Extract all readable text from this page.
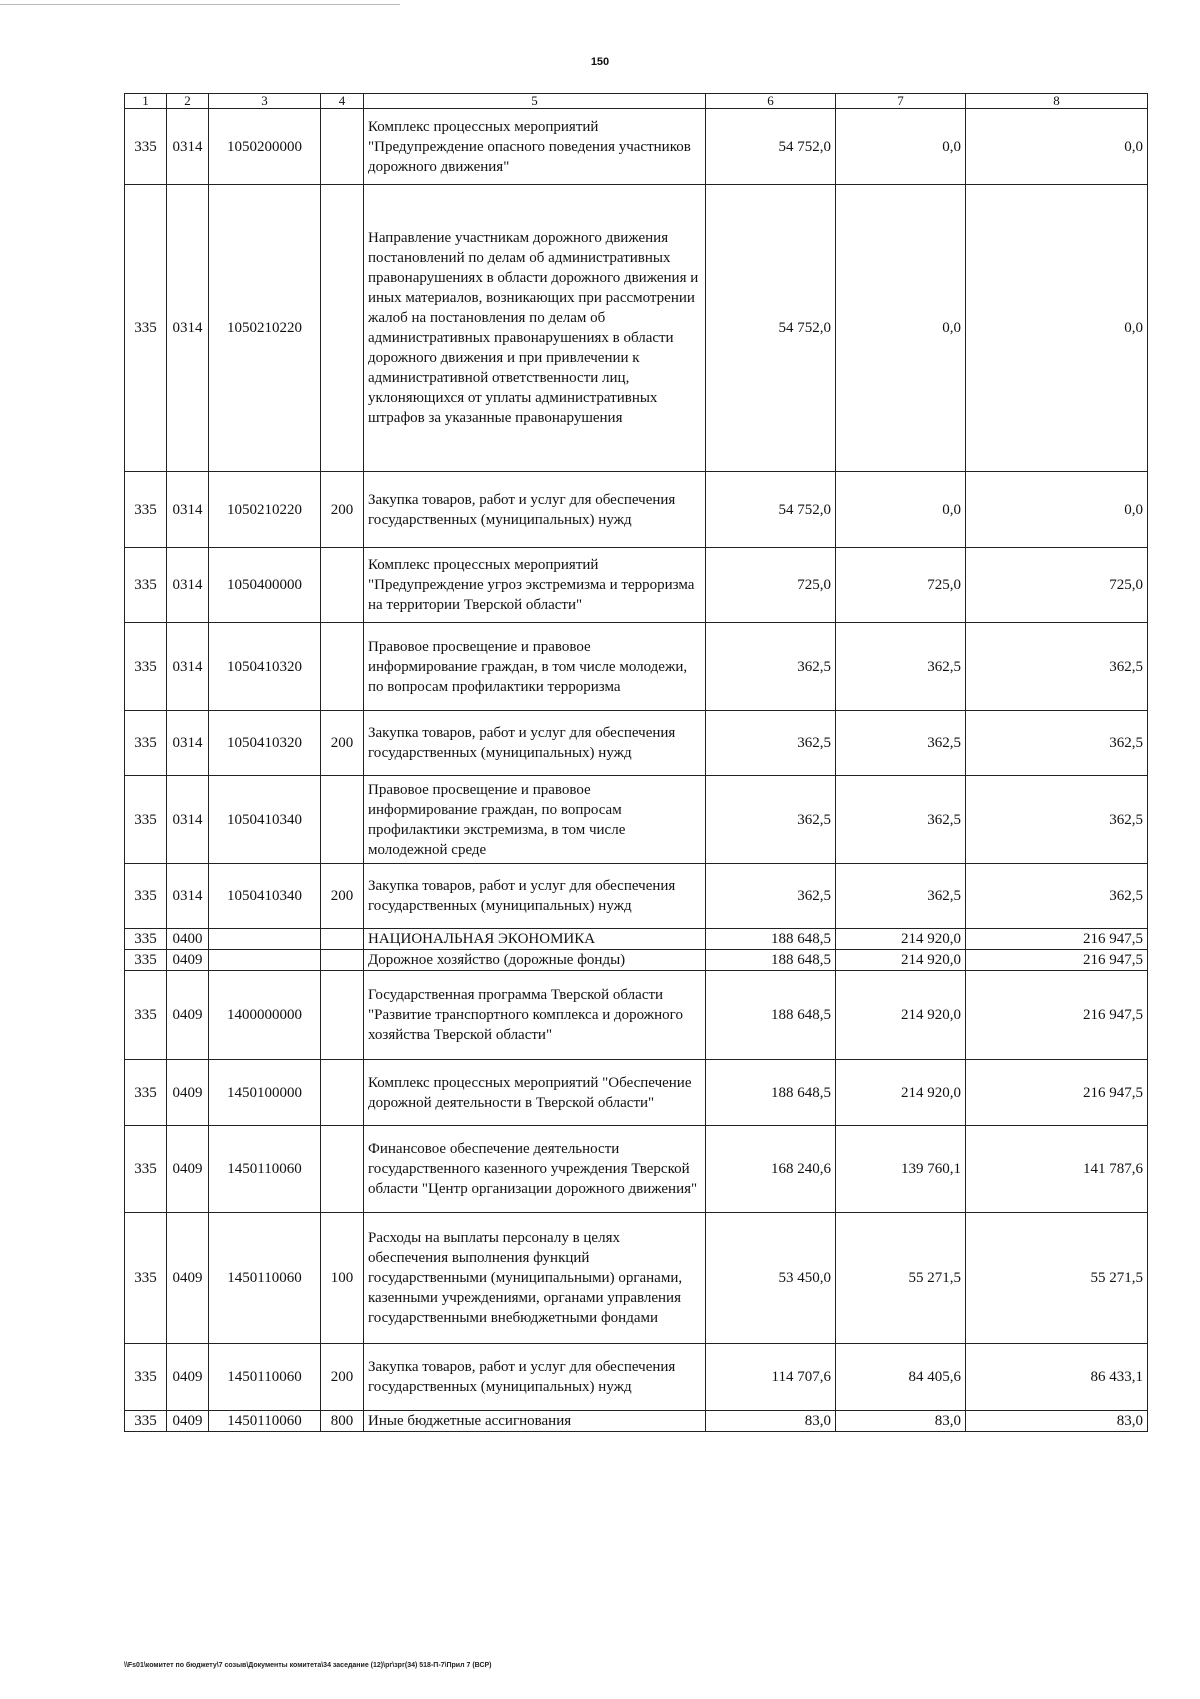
150
1	2	3	4	5	6	7	8
335	0314	1050200000		Комплекс процессных мероприятий "Предупреждение опасного поведения участников дорожного движения"	54 752,0	0,0	0,0
335	0314	1050210220		Направление участникам дорожного движения постановлений по делам об административных правонарушениях в области дорожного движения и иных материалов, возникающих при рассмотрении жалоб на постановления по делам об административных правонарушениях в области дорожного движения и при привлечении к административной ответственности лиц, уклоняющихся от уплаты административных штрафов за указанные правонарушения	54 752,0	0,0	0,0
335	0314	1050210220	200	Закупка товаров, работ и услуг для обеспечения государственных (муниципальных) нужд	54 752,0	0,0	0,0
335	0314	1050400000		Комплекс процессных мероприятий "Предупреждение угроз экстремизма и терроризма на территории Тверской области"	725,0	725,0	725,0
335	0314	1050410320		Правовое просвещение и правовое информирование граждан, в том числе молодежи, по вопросам профилактики терроризма	362,5	362,5	362,5
335	0314	1050410320	200	Закупка товаров, работ и услуг для обеспечения государственных (муниципальных) нужд	362,5	362,5	362,5
335	0314	1050410340		Правовое просвещение и правовое информирование граждан, по вопросам профилактики экстремизма, в том числе молодежной среде	362,5	362,5	362,5
335	0314	1050410340	200	Закупка товаров, работ и услуг для обеспечения государственных (муниципальных) нужд	362,5	362,5	362,5
335	0400			НАЦИОНАЛЬНАЯ ЭКОНОМИКА	188 648,5	214 920,0	216 947,5
335	0409			Дорожное хозяйство (дорожные фонды)	188 648,5	214 920,0	216 947,5
335	0409	1400000000		Государственная программа Тверской области "Развитие транспортного комплекса и дорожного хозяйства Тверской области"	188 648,5	214 920,0	216 947,5
335	0409	1450100000		Комплекс процессных мероприятий "Обеспечение дорожной деятельности в Тверской области"	188 648,5	214 920,0	216 947,5
335	0409	1450110060		Финансовое обеспечение деятельности государственного казенного учреждения Тверской области "Центр организации дорожного движения"	168 240,6	139 760,1	141 787,6
335	0409	1450110060	100	Расходы на выплаты персоналу в целях обеспечения выполнения функций государственными (муниципальными) органами, казенными учреждениями, органами управления государственными внебюджетными фондами	53 450,0	55 271,5	55 271,5
335	0409	1450110060	200	Закупка товаров, работ и услуг для обеспечения государственных (муниципальных) нужд	114 707,6	84 405,6	86 433,1
335	0409	1450110060	800	Иные бюджетные ассигнования	83,0	83,0	83,0
\\Fs01\комитет по бюджету\7 созыв\Документы комитета\34 заседание (12)\рг\зрг(34) 518-П-7\Прил 7 (ВСР)
